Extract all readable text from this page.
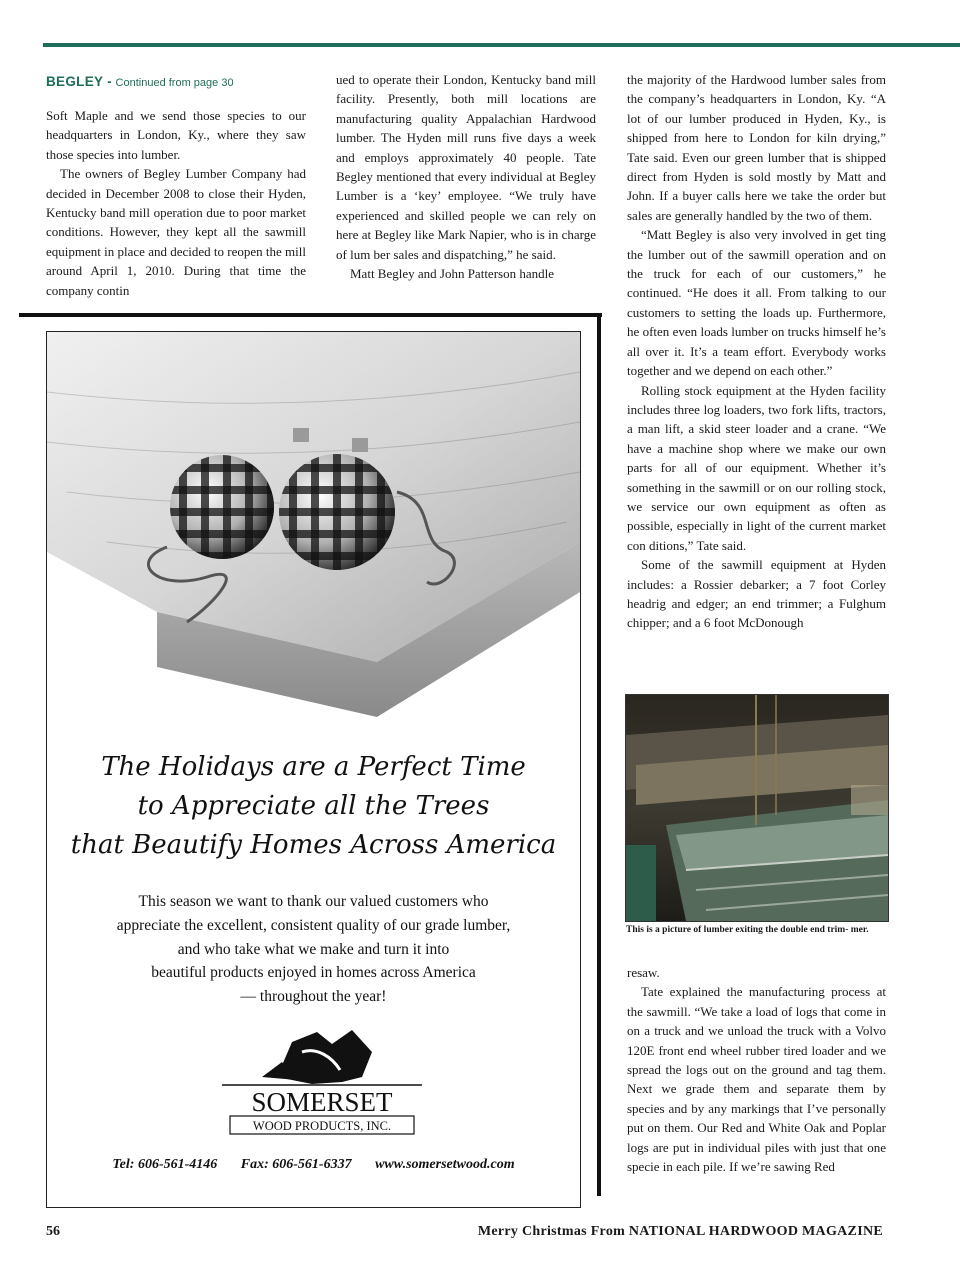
BEGLEY - Continued from page 30

Soft Maple and we send those species to our headquarters in London, Ky., where they saw those species into lumber.

The owners of Begley Lumber Company had decided in December 2008 to close their Hyden, Kentucky band mill operation due to poor market conditions. However, they kept all the sawmill equipment in place and decided to reopen the mill around April 1, 2010. During that time the company contin

ued to operate their London, Kentucky band mill facility. Presently, both mill locations are manufacturing quality Appalachian Hardwood lumber. The Hyden mill runs five days a week and employs approximately 40 people. Tate Begley mentioned that every individual at Begley Lumber is a ‘key’ employee. “We truly have experienced and skilled people we can rely on here at Begley like Mark Napier, who is in charge of lum ber sales and dispatching,” he said.

Matt Begley and John Patterson handle

the majority of the Hardwood lumber sales from the company’s headquarters in London, Ky. “A lot of our lumber produced in Hyden, Ky., is shipped from here to London for kiln drying,” Tate said. Even our green lumber that is shipped direct from Hyden is sold mostly by Matt and John. If a buyer calls here we take the order but sales are generally handled by the two of them.

“Matt Begley is also very involved in get ting the lumber out of the sawmill operation and on the truck for each of our customers,” he continued. “He does it all. From talking to our customers to setting the loads up. Furthermore, he often even loads lumber on trucks himself he’s all over it. It’s a team effort. Everybody works together and we depend on each other.”

Rolling stock equipment at the Hyden facility includes three log loaders, two fork lifts, tractors, a man lift, a skid steer loader and a crane. “We have a machine shop where we make our own parts for all of our equipment. Whether it’s something in the sawmill or on our rolling stock, we service our own equipment as often as possible, especially in light of the current market con ditions,” Tate said.

Some of the sawmill equipment at Hyden includes: a Rossier debarker; a 7 foot Corley headrig and edger; an end trimmer; a Fulghum chipper; and a 6 foot McDonough

This is a picture of lumber exiting the double end trim- mer.

resaw.

Tate explained the manufacturing process at the sawmill. “We take a load of logs that come in on a truck and we unload the truck with a Volvo 120E front end wheel rubber tired loader and we spread the logs out on the ground and tag them. Next we grade them and separate them by species and by any markings that I’ve personally put on them. Our Red and White Oak and Poplar logs are put in individual piles with just that one specie in each pile. If we’re sawing Red

The Holidays are a Perfect Time
to Appreciate all the Trees
that Beautify Homes Across America
This season we want to thank our valued customers who
appreciate the excellent, consistent quality of our grade lumber,
and who take what we make and turn it into
beautiful products enjoyed in homes across America
— throughout the year!
SOMERSET
WOOD PRODUCTS, INC.
Tel: 606-561-4146 Fax: 606-561-6337 www.somersetwood.com
56	Merry Christmas From NATIONAL HARDWOOD MAGAZINE
